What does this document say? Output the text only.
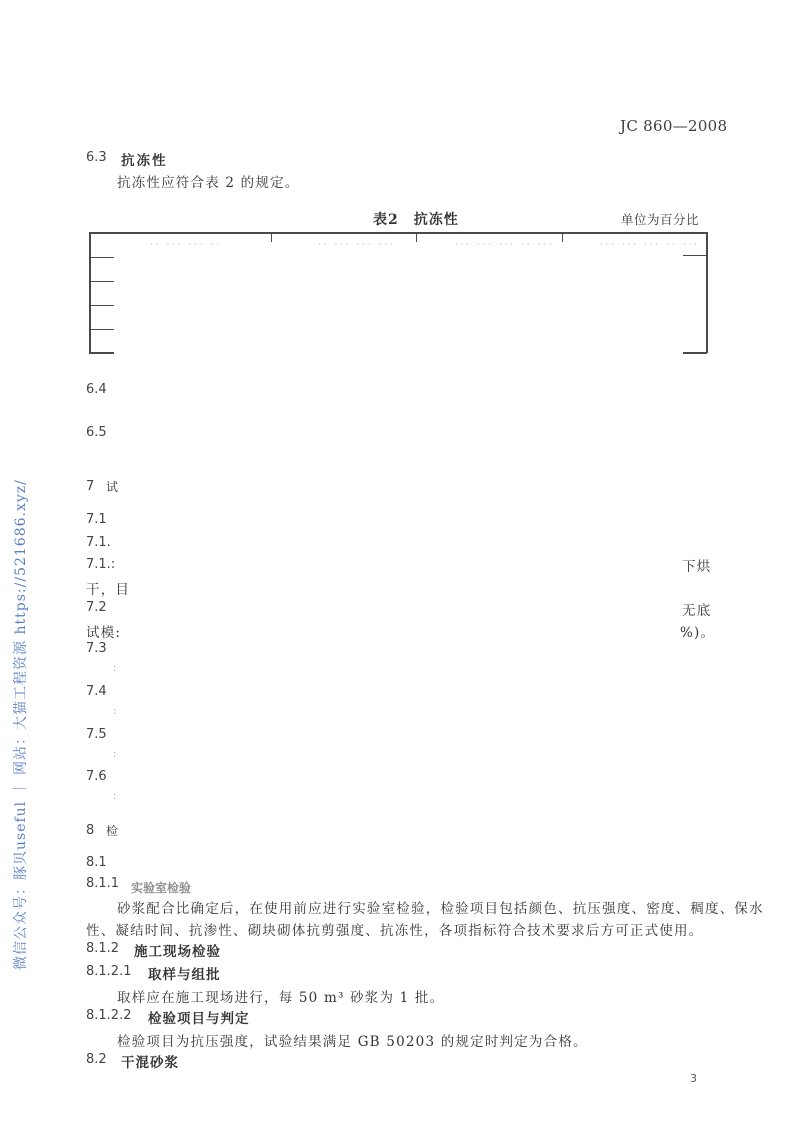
JC 860—2008
6.3 抗冻性
抗冻性应符合表 2 的规定。
表2　抗冻性	单位为百分比
·· ··· ··· ··	·· ··· ··· ···	··· ··· ··· ·· ···	··· ··· ··· ·· ···
6.4
6.5
7 试
7.1
7.1.
7.1.:	下烘
干，目
7.2	无底
试模:	%)。
7.3
:
7.4
:
7.5
:
7.6
:
8 检
8.1
8.1.1 实验室检验
砂浆配合比确定后，在使用前应进行实验室检验，检验项目包括颜色、抗压强度、密度、稠度、保水
性、凝结时间、抗渗性、砌块砌体抗剪强度、抗冻性，各项指标符合技术要求后方可正式使用。
8.1.2 施工现场检验
8.1.2.1 取样与组批
取样应在施工现场进行，每 50 m³ 砂浆为 1 批。
8.1.2.2 检验项目与判定
检验项目为抗压强度，试验结果满足 GB 50203 的规定时判定为合格。
8.2 干混砂浆
微信公众号：豚贝useful ｜ 网站：大猫工程资源 https://521686.xyz/
3
